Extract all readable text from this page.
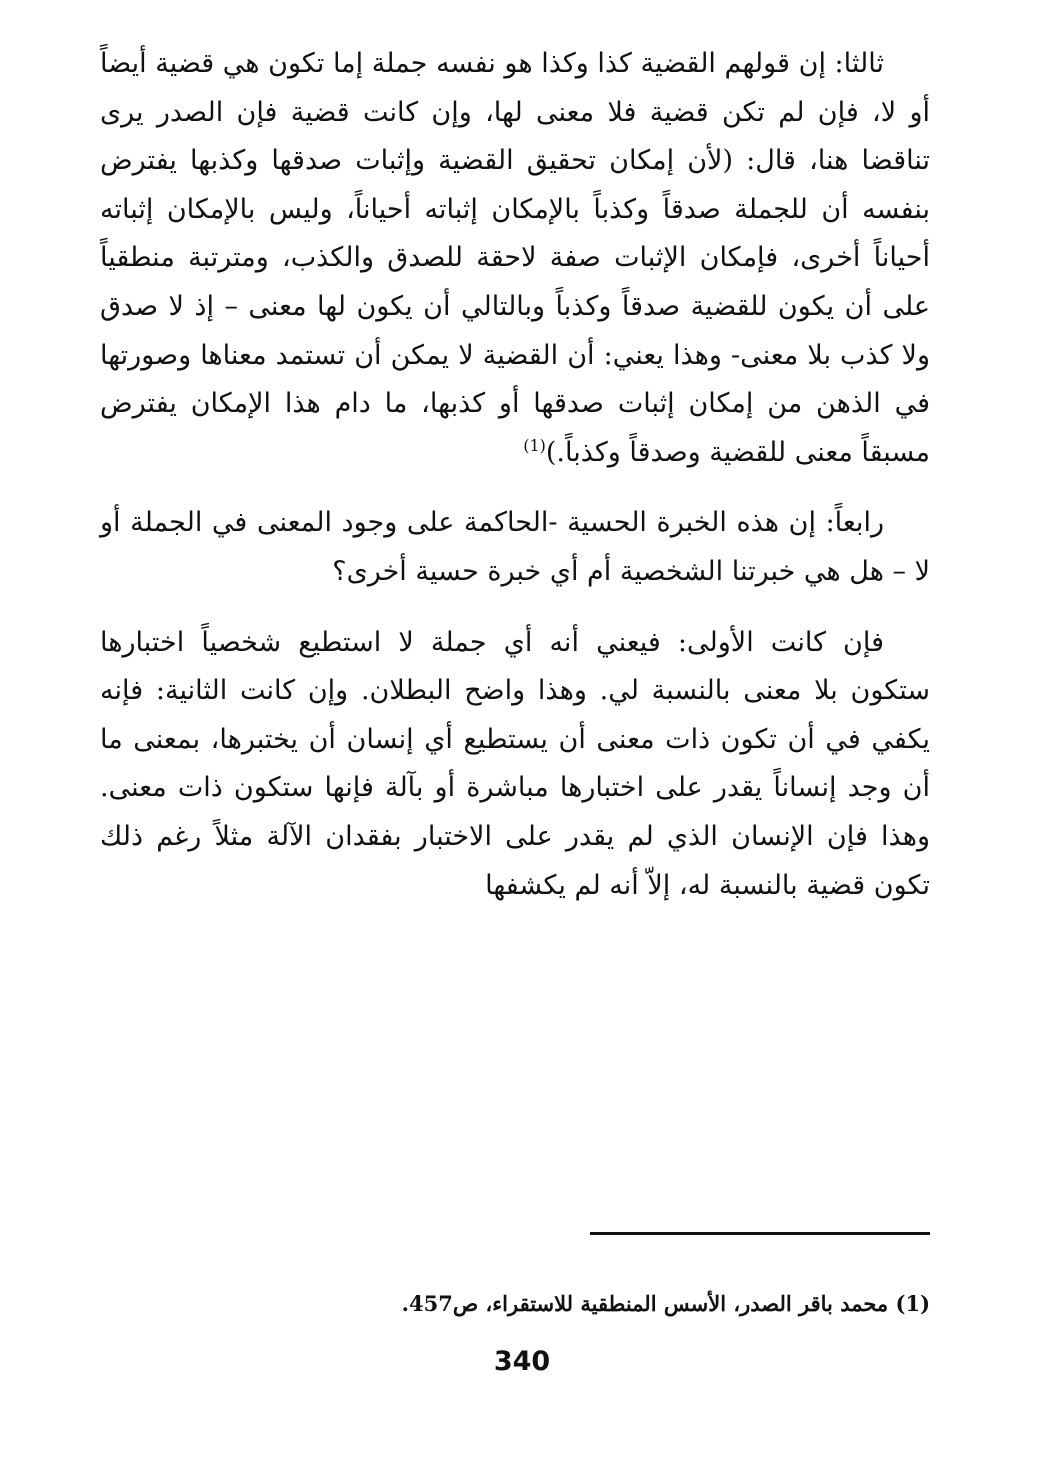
ثالثا: إن قولهم القضية كذا وكذا هو نفسه جملة إما تكون هي قضية أيضاً أو لا، فإن لم تكن قضية فلا معنى لها، وإن كانت قضية فإن الصدر يرى تناقضا هنا، قال: (لأن إمكان تحقيق القضية وإثبات صدقها وكذبها يفترض بنفسه أن للجملة صدقاً وكذباً بالإمكان إثباته أحياناً، وليس بالإمكان إثباته أحياناً أخرى، فإمكان الإثبات صفة لاحقة للصدق والكذب، ومترتبة منطقياً على أن يكون للقضية صدقاً وكذباً وبالتالي أن يكون لها معنى – إذ لا صدق ولا كذب بلا معنى- وهذا يعني: أن القضية لا يمكن أن تستمد معناها وصورتها في الذهن من إمكان إثبات صدقها أو كذبها، ما دام هذا الإمكان يفترض مسبقاً معنى للقضية وصدقاً وكذباً.)$^{(1)}$

رابعاً: إن هذه الخبرة الحسية -الحاكمة على وجود المعنى في الجملة أو لا – هل هي خبرتنا الشخصية أم أي خبرة حسية أخرى؟

فإن كانت الأولى: فيعني أنه أي جملة لا استطيع شخصياً اختبارها ستكون بلا معنى بالنسبة لي. وهذا واضح البطلان. وإن كانت الثانية: فإنه يكفي في أن تكون ذات معنى أن يستطيع أي إنسان أن يختبرها، بمعنى ما أن وجد إنساناً يقدر على اختبارها مباشرة أو بآلة فإنها ستكون ذات معنى. وهذا فإن الإنسان الذي لم يقدر على الاختبار بفقدان الآلة مثلاً رغم ذلك تكون قضية بالنسبة له، إلاّ أنه لم يكشفها

(1) محمد باقر الصدر، الأسس المنطقية للاستقراء، ص457.

340
